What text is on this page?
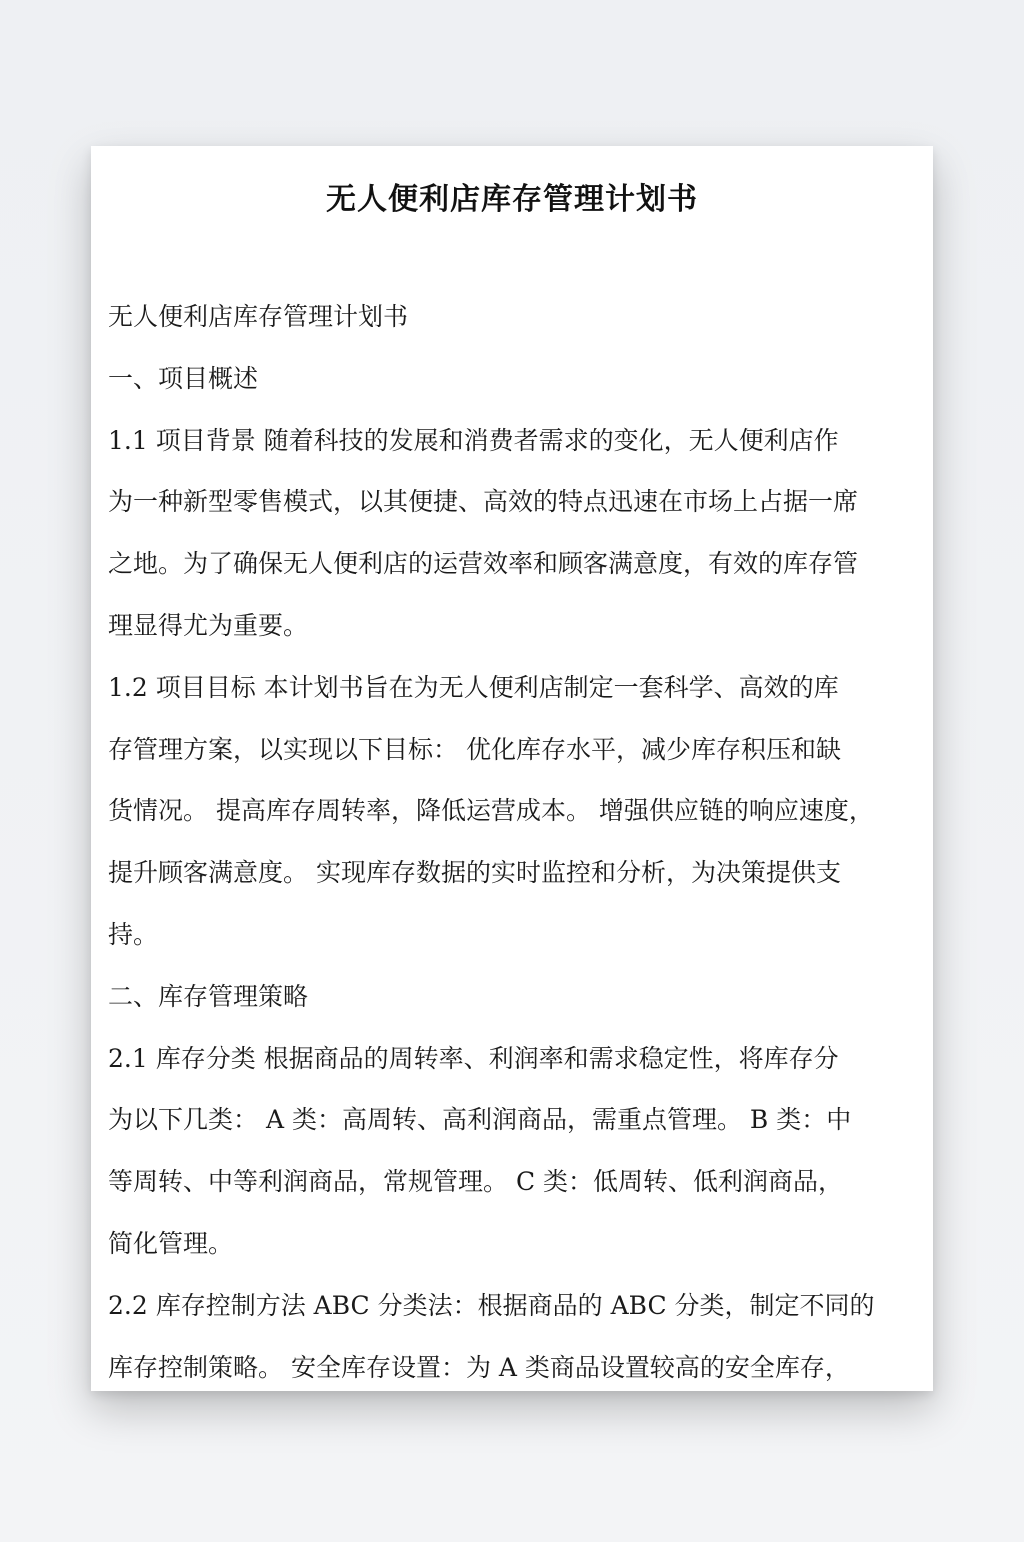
无人便利店库存管理计划书
无人便利店库存管理计划书
一、项目概述
1.1 项目背景 随着科技的发展和消费者需求的变化，无人便利店作
为一种新型零售模式，以其便捷、高效的特点迅速在市场上占据一席
之地。为了确保无人便利店的运营效率和顾客满意度，有效的库存管
理显得尤为重要。
1.2 项目目标 本计划书旨在为无人便利店制定一套科学、高效的库
存管理方案，以实现以下目标： 优化库存水平，减少库存积压和缺
货情况。 提高库存周转率，降低运营成本。 增强供应链的响应速度，
提升顾客满意度。 实现库存数据的实时监控和分析，为决策提供支
持。
二、库存管理策略
2.1 库存分类 根据商品的周转率、利润率和需求稳定性，将库存分
为以下几类： A 类：高周转、高利润商品，需重点管理。 B 类：中
等周转、中等利润商品，常规管理。 C 类：低周转、低利润商品，
简化管理。
2.2 库存控制方法 ABC 分类法：根据商品的 ABC 分类，制定不同的
库存控制策略。 安全库存设置：为 A 类商品设置较高的安全库存，
